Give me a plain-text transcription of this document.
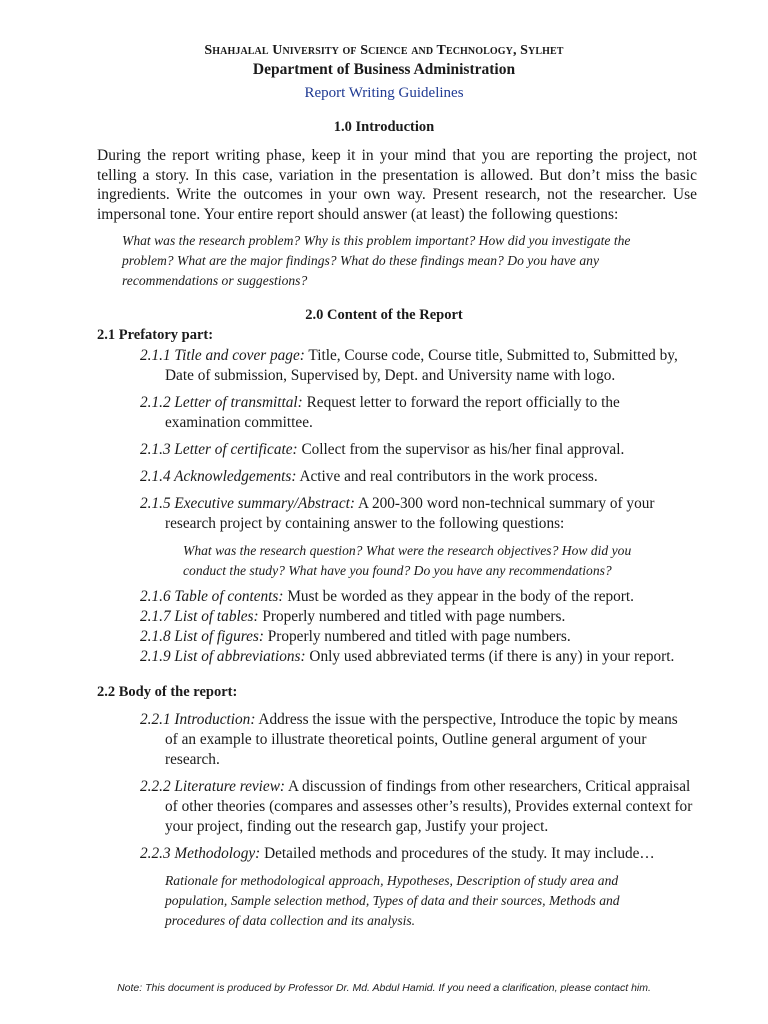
Shahjalal University of Science and Technology, Sylhet
Department of Business Administration
Report Writing Guidelines
1.0 Introduction
During the report writing phase, keep it in your mind that you are reporting the project, not
telling a story. In this case, variation in the presentation is allowed. But don’t miss the basic
ingredients. Write the outcomes in your own way. Present research, not the researcher. Use
impersonal tone. Your entire report should answer (at least) the following questions:
What was the research problem? Why is this problem important? How did you investigate the
problem? What are the major findings? What do these findings mean? Do you have any
recommendations or suggestions?
2.0 Content of the Report
2.1 Prefatory part:
2.1.1 Title and cover page: Title, Course code, Course title, Submitted to, Submitted by,
Date of submission, Supervised by, Dept. and University name with logo.
2.1.2 Letter of transmittal: Request letter to forward the report officially to the
examination committee.
2.1.3 Letter of certificate: Collect from the supervisor as his/her final approval.
2.1.4 Acknowledgements: Active and real contributors in the work process.
2.1.5 Executive summary/Abstract: A 200-300 word non-technical summary of your
research project by containing answer to the following questions:
What was the research question? What were the research objectives? How did you
conduct the study? What have you found? Do you have any recommendations?
2.1.6 Table of contents: Must be worded as they appear in the body of the report.
2.1.7 List of tables: Properly numbered and titled with page numbers.
2.1.8 List of figures: Properly numbered and titled with page numbers.
2.1.9 List of abbreviations: Only used abbreviated terms (if there is any) in your report.
2.2 Body of the report:
2.2.1 Introduction: Address the issue with the perspective, Introduce the topic by means
of an example to illustrate theoretical points, Outline general argument of your
research.
2.2.2 Literature review: A discussion of findings from other researchers, Critical appraisal
of other theories (compares and assesses other’s results), Provides external context for
your project, finding out the research gap, Justify your project.
2.2.3 Methodology: Detailed methods and procedures of the study. It may include…
Rationale for methodological approach, Hypotheses, Description of study area and
population, Sample selection method, Types of data and their sources, Methods and
procedures of data collection and its analysis.
Note: This document is produced by Professor Dr. Md. Abdul Hamid. If you need a clarification, please contact him.
